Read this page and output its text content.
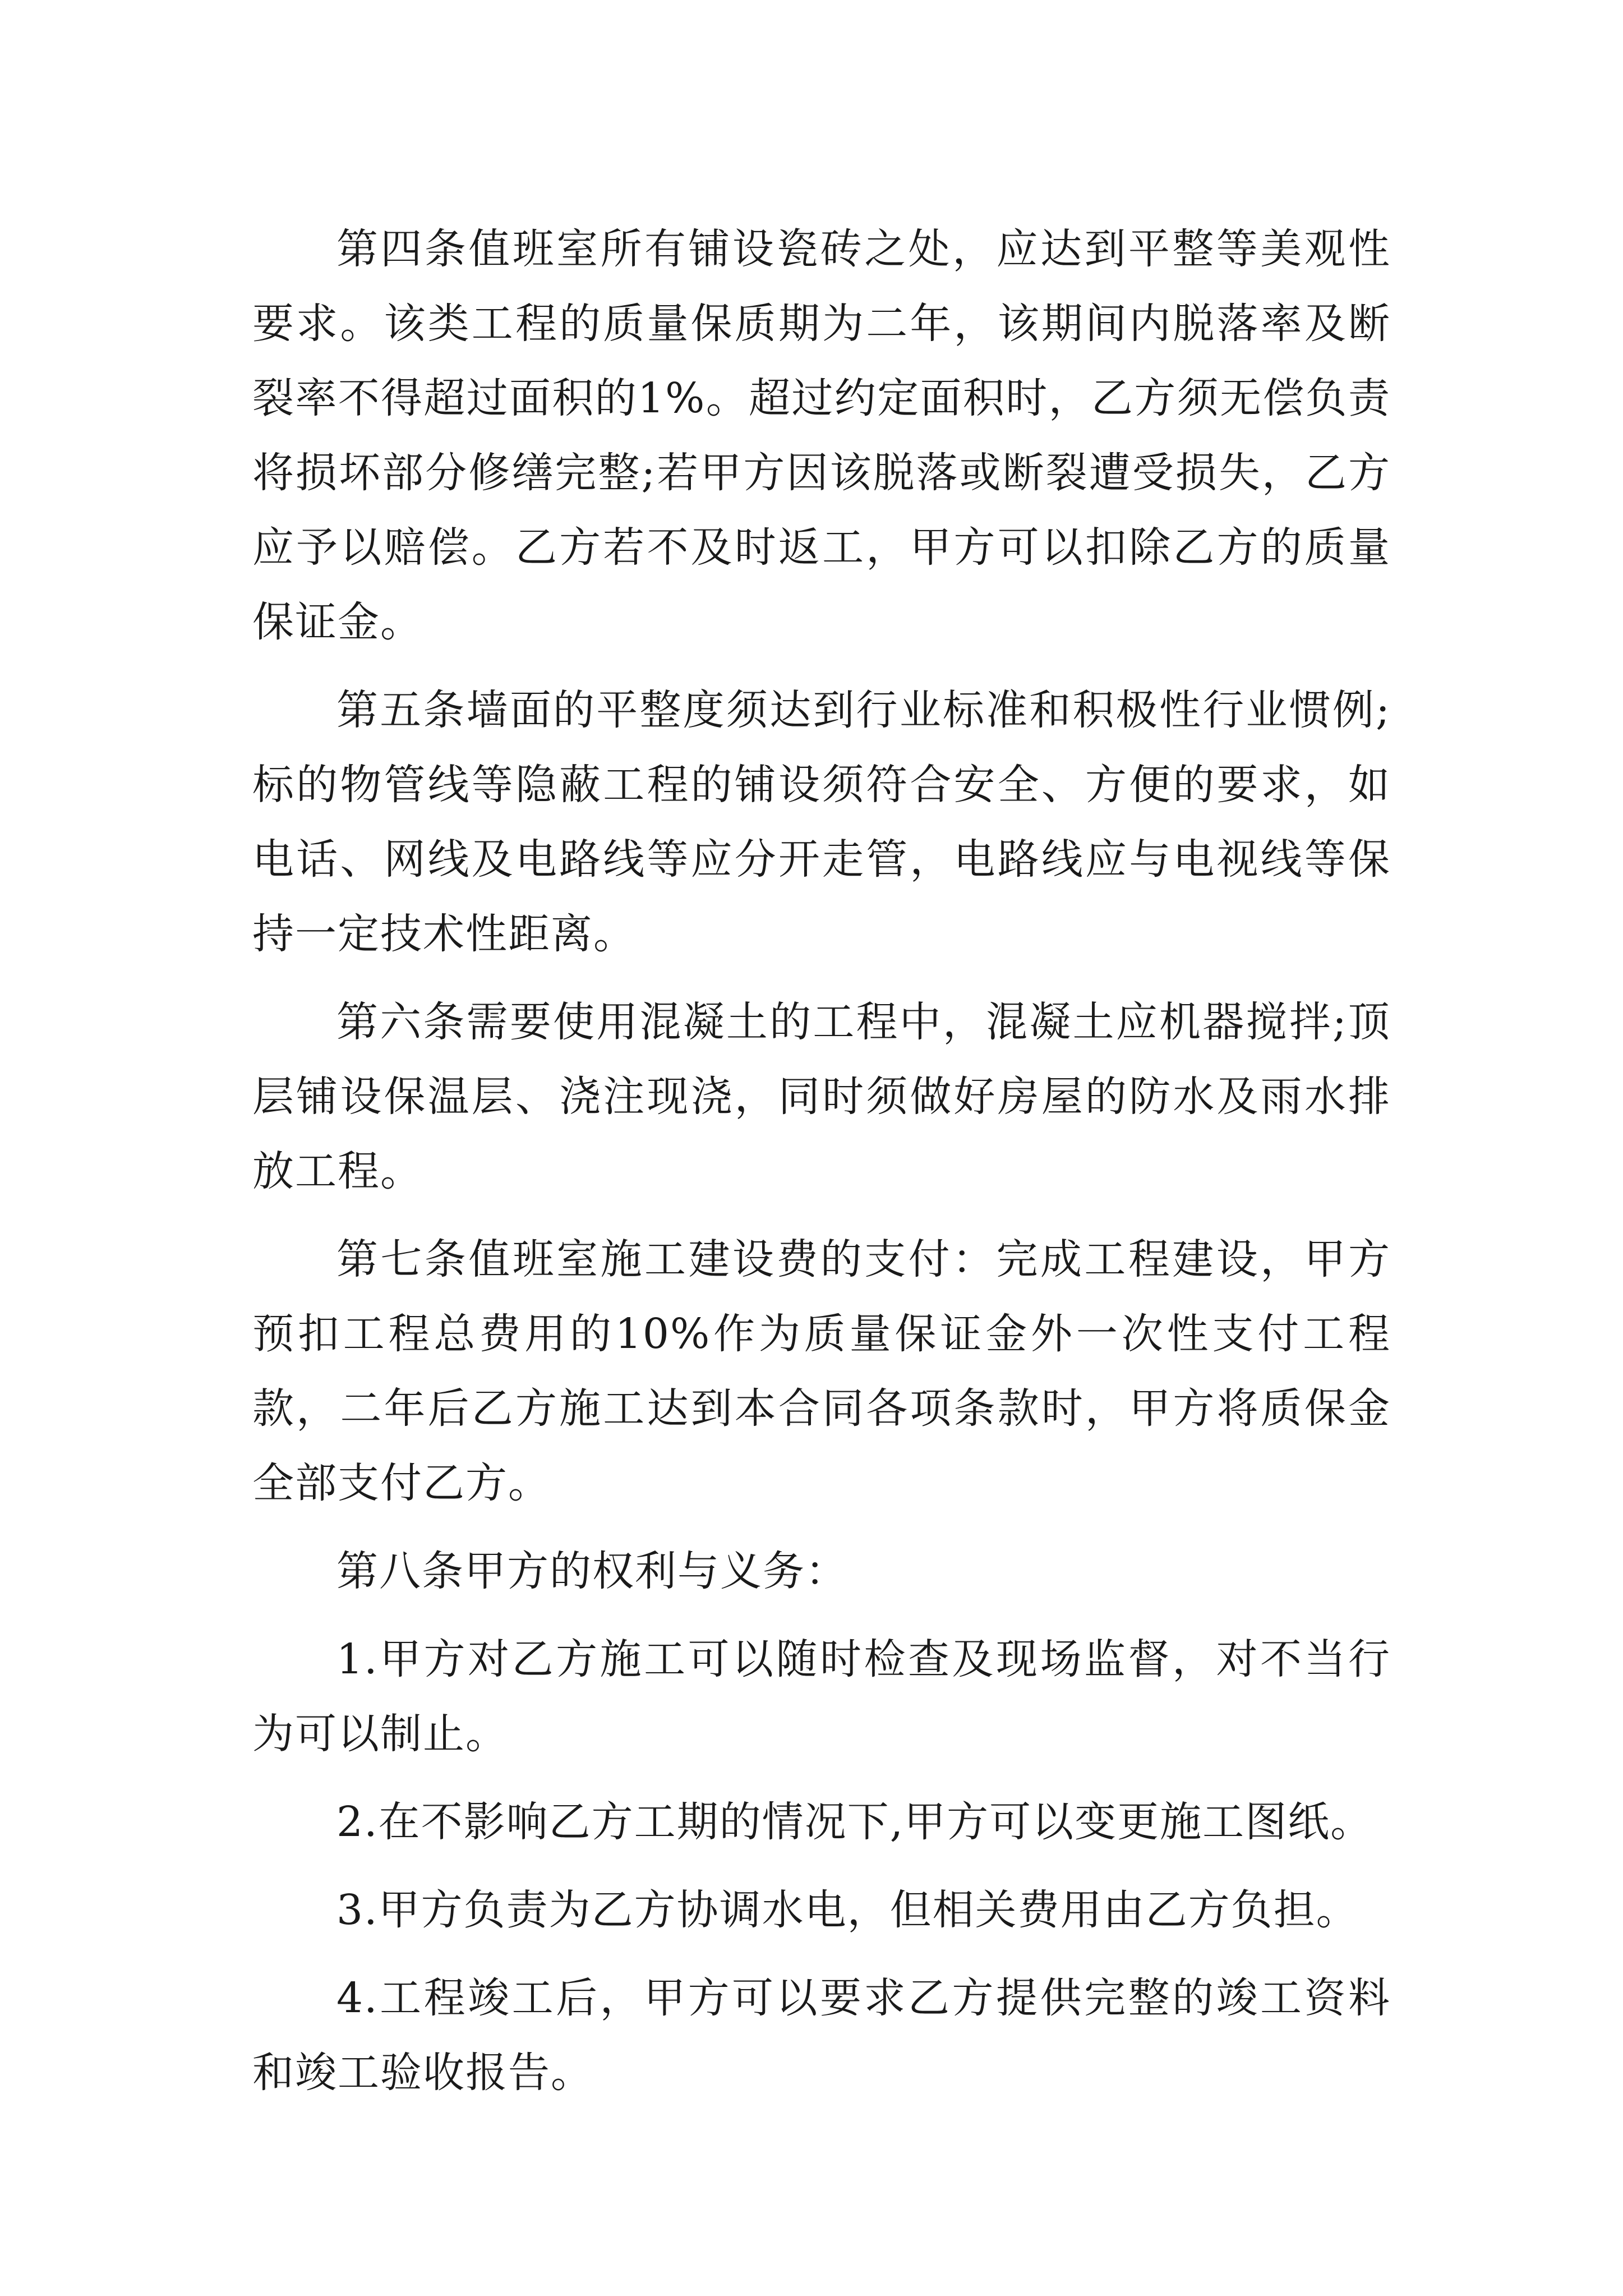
第四条值班室所有铺设瓷砖之处，应达到平整等美观性要求。该类工程的质量保质期为二年，该期间内脱落率及断裂率不得超过面积的1%。超过约定面积时，乙方须无偿负责将损坏部分修缮完整;若甲方因该脱落或断裂遭受损失，乙方应予以赔偿。乙方若不及时返工，甲方可以扣除乙方的质量保证金。

第五条墙面的平整度须达到行业标准和积极性行业惯例;标的物管线等隐蔽工程的铺设须符合安全、方便的要求，如电话、网线及电路线等应分开走管，电路线应与电视线等保持一定技术性距离。

第六条需要使用混凝土的工程中，混凝土应机器搅拌;顶层铺设保温层、浇注现浇，同时须做好房屋的防水及雨水排放工程。

第七条值班室施工建设费的支付：完成工程建设，甲方预扣工程总费用的10%作为质量保证金外一次性支付工程款，二年后乙方施工达到本合同各项条款时，甲方将质保金全部支付乙方。

第八条甲方的权利与义务：

1.甲方对乙方施工可以随时检查及现场监督，对不当行为可以制止。

2.在不影响乙方工期的情况下,甲方可以变更施工图纸。

3.甲方负责为乙方协调水电，但相关费用由乙方负担。

4.工程竣工后，甲方可以要求乙方提供完整的竣工资料和竣工验收报告。
